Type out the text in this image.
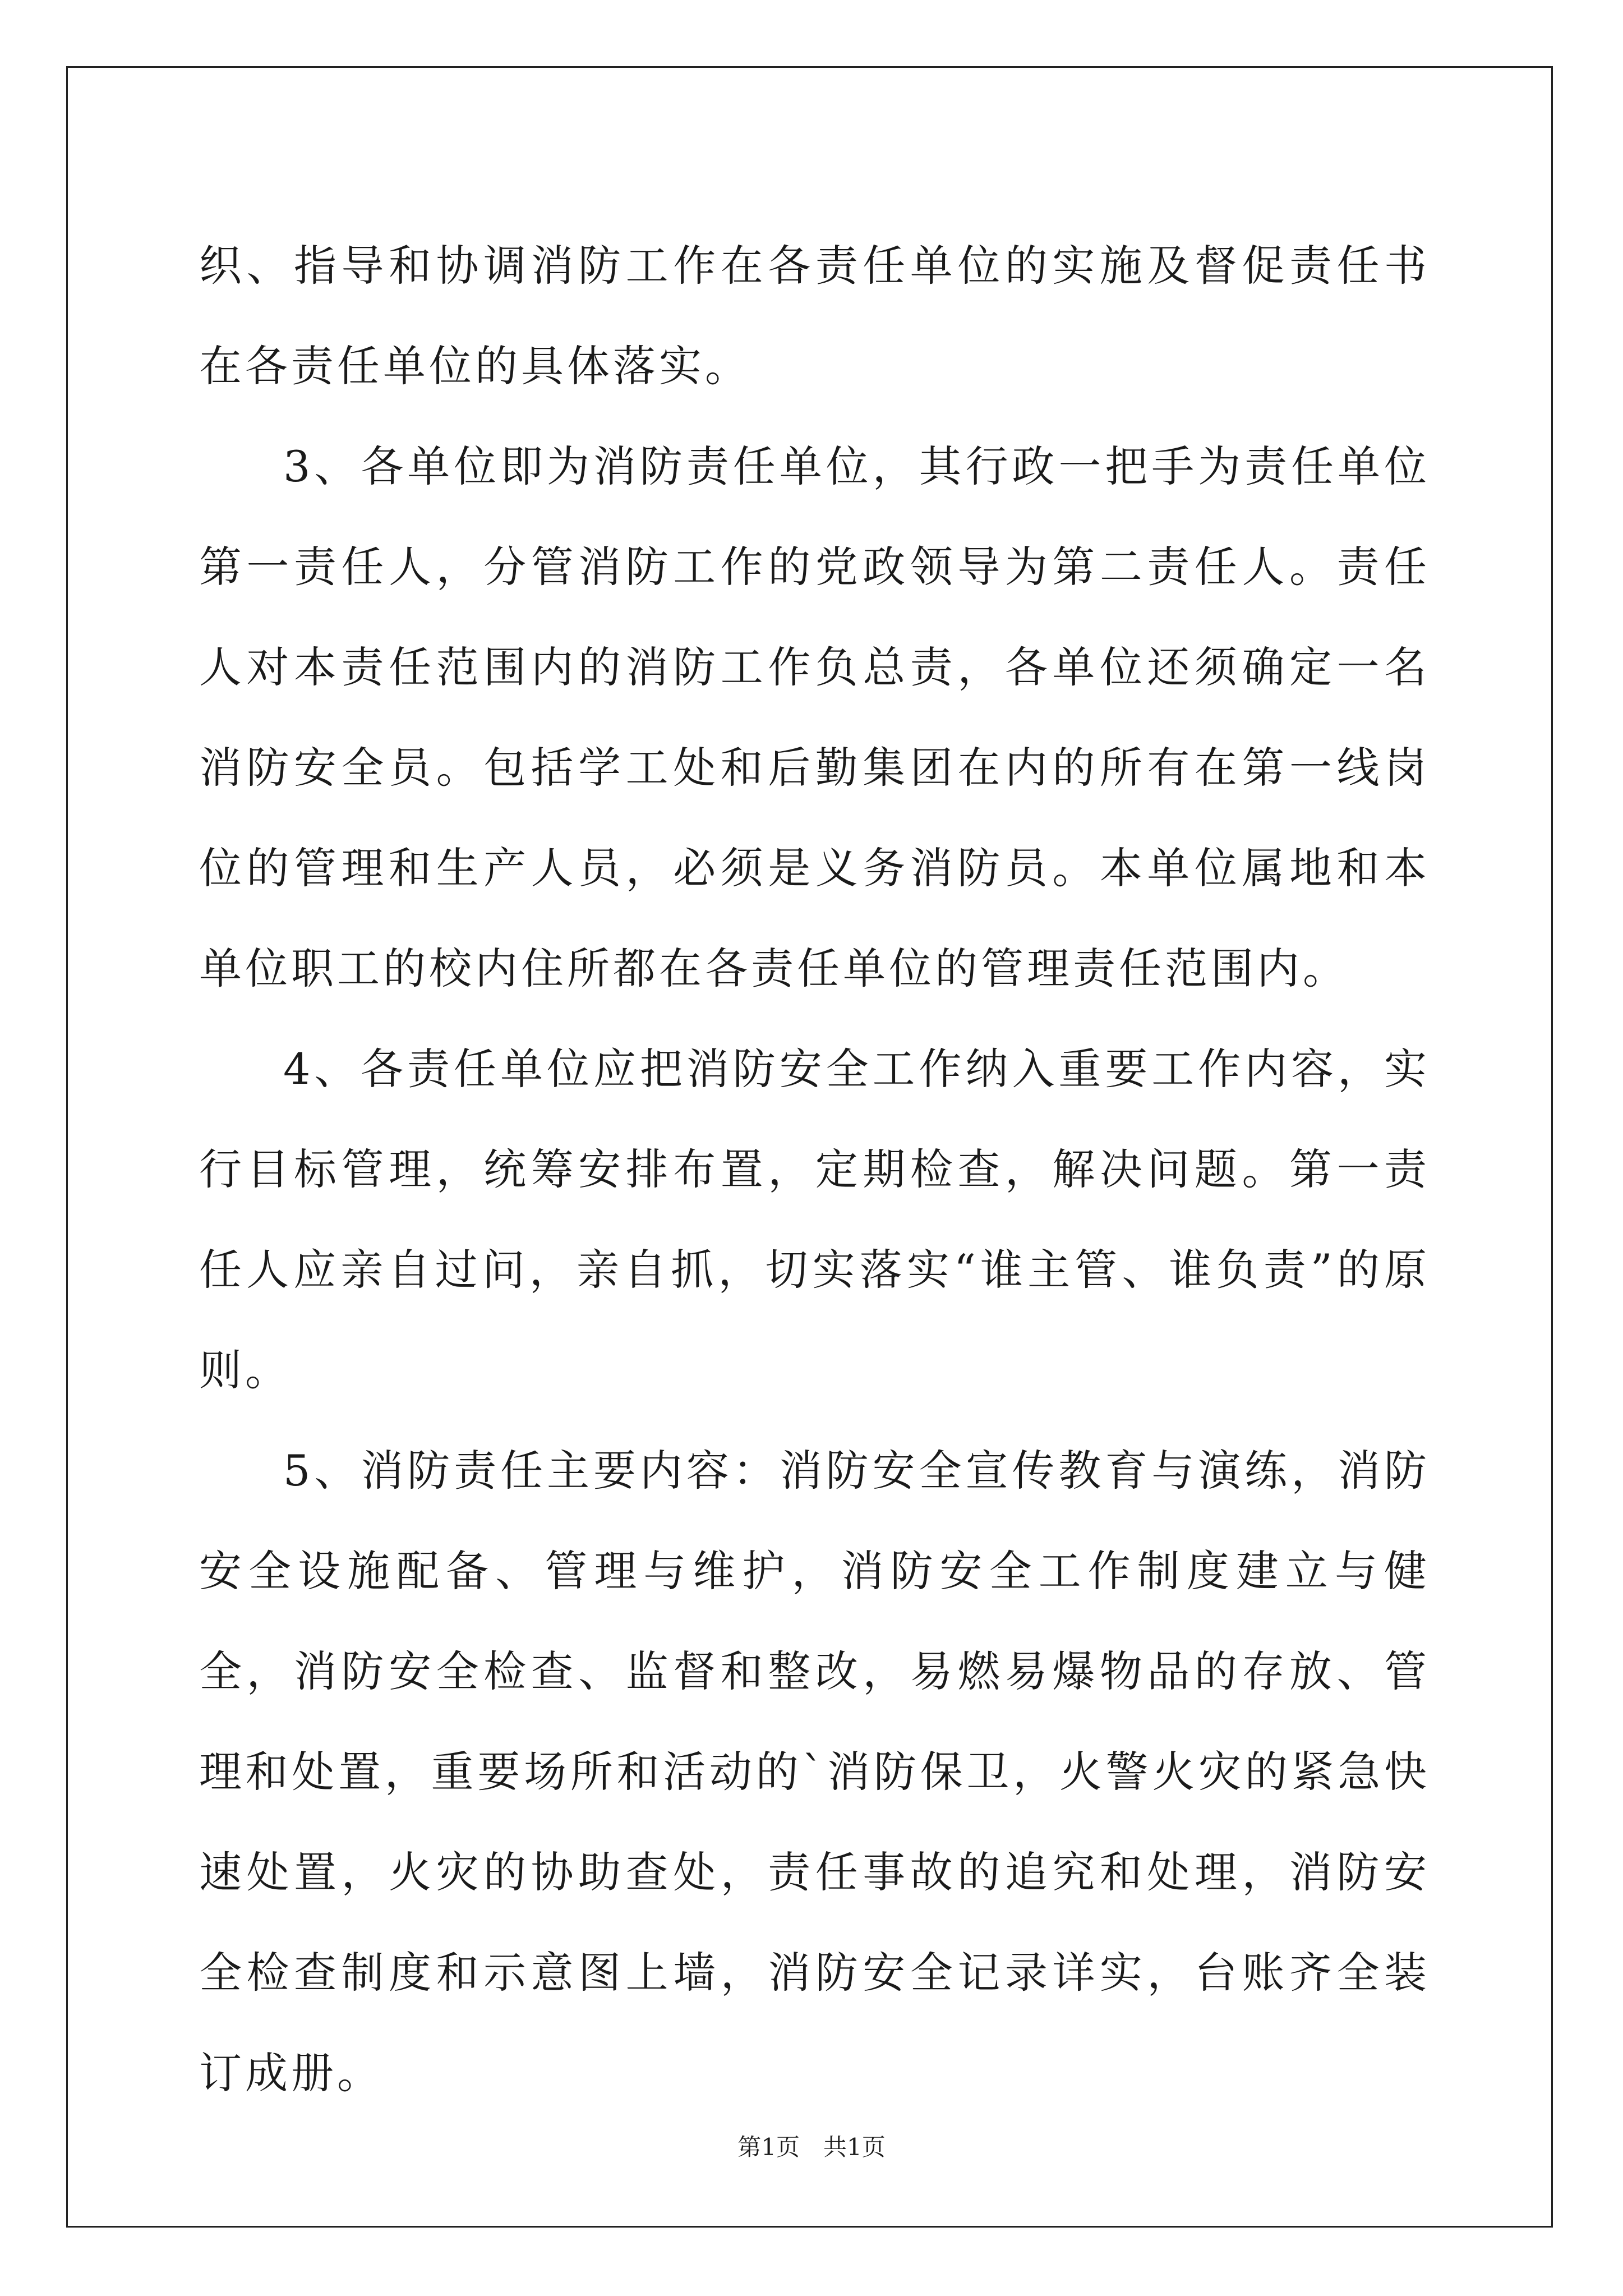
织、指导和协调消防工作在各责任单位的实施及督促责任书在各责任单位的具体落实。

3、各单位即为消防责任单位，其行政一把手为责任单位第一责任人，分管消防工作的党政领导为第二责任人。责任人对本责任范围内的消防工作负总责，各单位还须确定一名消防安全员。包括学工处和后勤集团在内的所有在第一线岗位的管理和生产人员，必须是义务消防员。本单位属地和本单位职工的校内住所都在各责任单位的管理责任范围内。

4、各责任单位应把消防安全工作纳入重要工作内容，实行目标管理，统筹安排布置，定期检查，解决问题。第一责任人应亲自过问，亲自抓，切实落实“谁主管、谁负责”的原则。

5、消防责任主要内容：消防安全宣传教育与演练，消防安全设施配备、管理与维护，消防安全工作制度建立与健全，消防安全检查、监督和整改，易燃易爆物品的存放、管理和处置，重要场所和活动的`消防保卫，火警火灾的紧急快速处置，火灾的协助查处，责任事故的追究和处理，消防安全检查制度和示意图上墙，消防安全记录详实，台账齐全装订成册。

第1页　共1页
